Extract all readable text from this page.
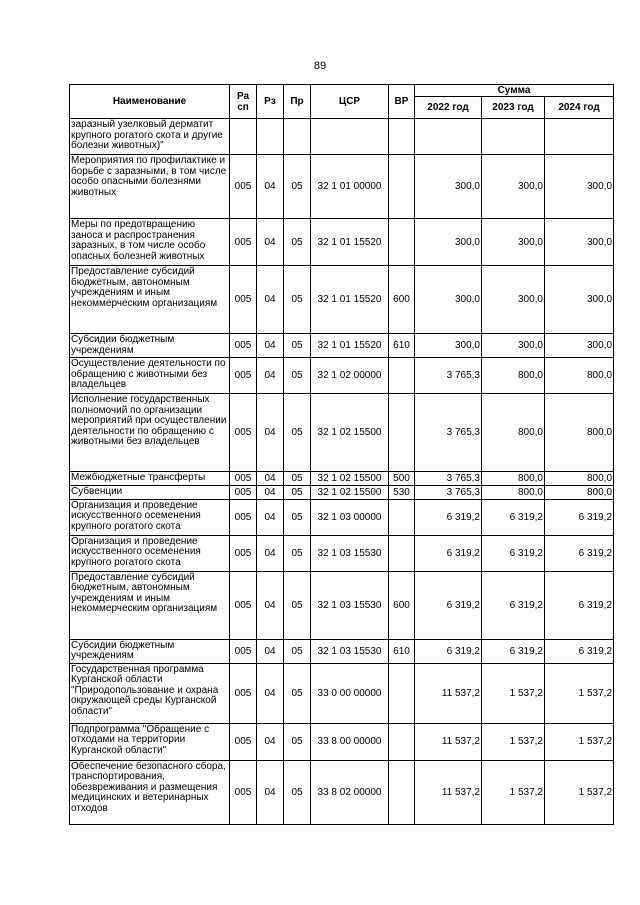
89
Наименование	Ра сп	Рз	Пр	ЦСР	ВР	Сумма		
						2022 год	2023 год	2024 год
заразный узелковый дерматит крупного рогатого скота и другие болезни животных)"								
Мероприятия по профилактике и борьбе с заразными, в том числе особо опасными болезнями животных	005	04	05	32 1 01 00000		300,0	300,0	300,0
Меры по предотвращению заноса и распространения заразных, в том числе особо опасных болезней животных	005	04	05	32 1 01 15520		300,0	300,0	300,0
Предоставление субсидий бюджетным, автономным учреждениям и иным некоммерческим организациям	005	04	05	32 1 01 15520	600	300,0	300,0	300,0
Субсидии бюджетным учреждениям	005	04	05	32 1 01 15520	610	300,0	300,0	300,0
Осуществление деятельности по обращению с животными без владельцев	005	04	05	32 1 02 00000		3 765,3	800,0	800,0
Исполнение государственных полномочий по организации мероприятий при осуществлении деятельности по обращению с животными без владельцев	005	04	05	32 1 02 15500		3 765,3	800,0	800,0
Межбюджетные трансферты	005	04	05	32 1 02 15500	500	3 765,3	800,0	800,0
Субвенции	005	04	05	32 1 02 15500	530	3 765,3	800,0	800,0
Организация и проведение искусственного осеменения крупного рогатого скота	005	04	05	32 1 03 00000		6 319,2	6 319,2	6 319,2
Организация и проведение искусственного осеменения крупного рогатого скота	005	04	05	32 1 03 15530		6 319,2	6 319,2	6 319,2
Предоставление субсидий бюджетным, автономным учреждениям и иным некоммерческим организациям	005	04	05	32 1 03 15530	600	6 319,2	6 319,2	6 319,2
Субсидии бюджетным учреждениям	005	04	05	32 1 03 15530	610	6 319,2	6 319,2	6 319,2
Государственная программа Курганской области "Природопользование и охрана окружающей среды Курганской области"	005	04	05	33 0 00 00000		11 537,2	1 537,2	1 537,2
Подпрограмма "Обращение с отходами на территории Курганской области"	005	04	05	33 8 00 00000		11 537,2	1 537,2	1 537,2
Обеспечение безопасного сбора, транспортирования, обезвреживания и размещения медицинских и ветеринарных отходов	005	04	05	33 8 02 00000		11 537,2	1 537,2	1 537,2
